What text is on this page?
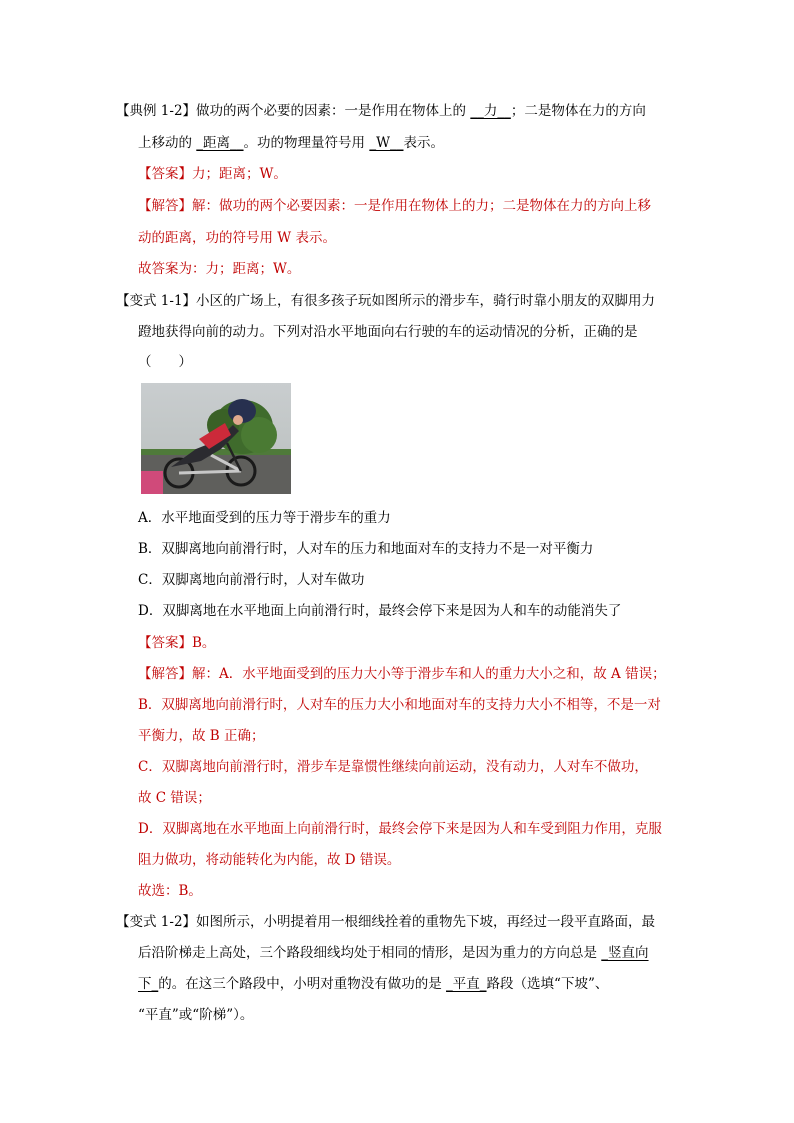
【典例 1-2】做功的两个必要的因素：一是作用在物体上的 __力__；二是物体在力的方向
上移动的 _距离__。功的物理量符号用 _W__表示。
【答案】力；距离；W。
【解答】解：做功的两个必要因素：一是作用在物体上的力；二是物体在力的方向上移
动的距离，功的符号用 W 表示。
故答案为：力；距离；W。
【变式 1-1】小区的广场上，有很多孩子玩如图所示的滑步车，骑行时靠小朋友的双脚用力
蹬地获得向前的动力。下列对沿水平地面向右行驶的车的运动情况的分析，正确的是
（　　）
A．水平地面受到的压力等于滑步车的重力
B．双脚离地向前滑行时，人对车的压力和地面对车的支持力不是一对平衡力
C．双脚离地向前滑行时，人对车做功
D．双脚离地在水平地面上向前滑行时，最终会停下来是因为人和车的动能消失了
【答案】B。
【解答】解：A．水平地面受到的压力大小等于滑步车和人的重力大小之和，故 A 错误；
B．双脚离地向前滑行时，人对车的压力大小和地面对车的支持力大小不相等，不是一对
平衡力，故 B 正确；
C．双脚离地向前滑行时，滑步车是靠惯性继续向前运动，没有动力，人对车不做功，
故 C 错误；
D．双脚离地在水平地面上向前滑行时，最终会停下来是因为人和车受到阻力作用，克服
阻力做功，将动能转化为内能，故 D 错误。
故选：B。
【变式 1-2】如图所示，小明提着用一根细线拴着的重物先下坡，再经过一段平直路面，最
后沿阶梯走上高处，三个路段细线均处于相同的情形，是因为重力的方向总是 _竖直向
下_的。在这三个路段中，小明对重物没有做功的是 _平直_路段（选填“下坡”、
“平直”或“阶梯”）。
